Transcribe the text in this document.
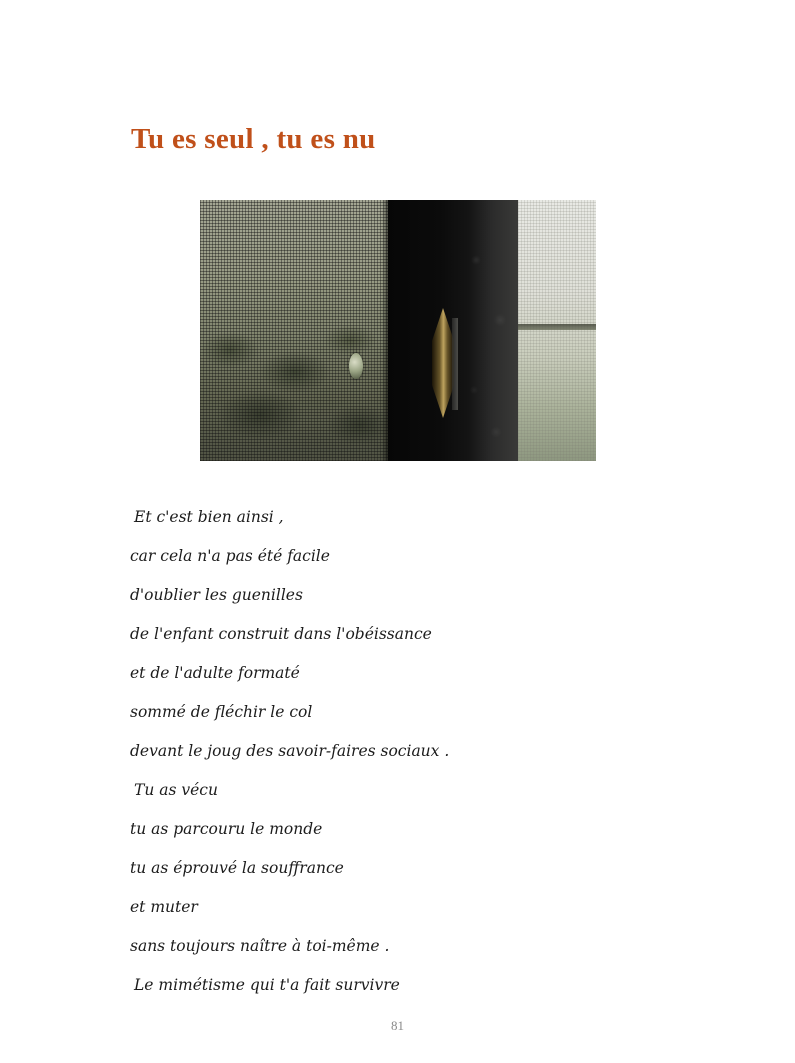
Tu es seul , tu es nu
Et c'est bien ainsi ,
car cela n'a pas été facile
d'oublier les guenilles
de l'enfant construit dans l'obéissance
et de l'adulte formaté
sommé de fléchir le col
devant le joug des savoir-faires sociaux .
Tu as vécu
tu as parcouru le monde
tu as éprouvé la souffrance
et muter
sans toujours naître à toi-même .
Le mimétisme qui t'a fait survivre
81
